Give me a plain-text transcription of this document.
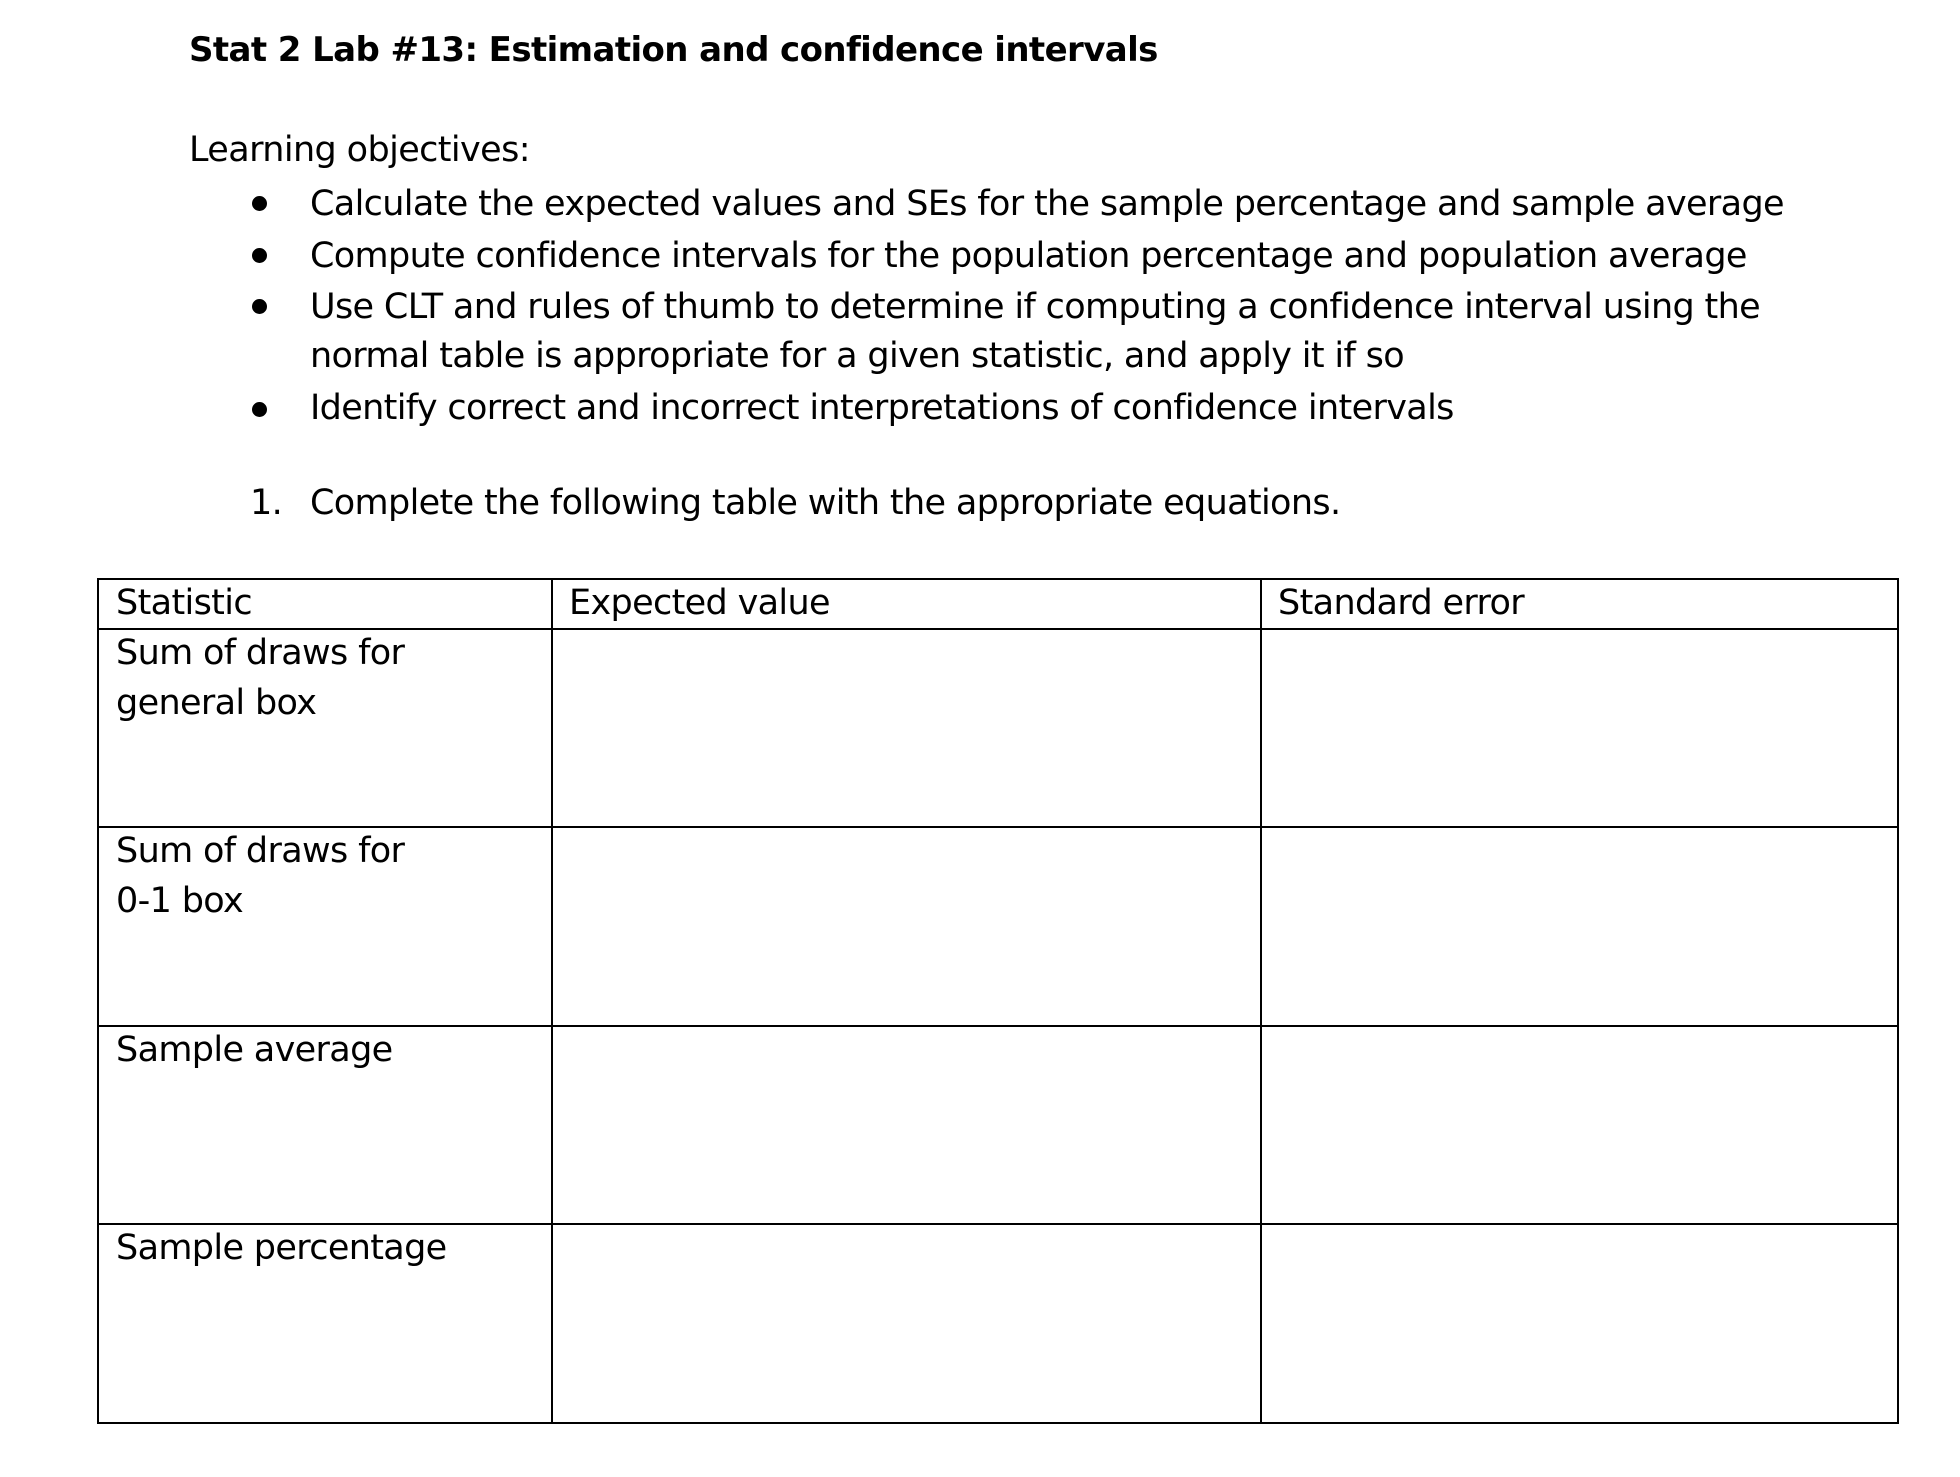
Stat 2 Lab #13: Estimation and confidence intervals
Learning objectives:
Calculate the expected values and SEs for the sample percentage and sample average
Compute confidence intervals for the population percentage and population average
Use CLT and rules of thumb to determine if computing a confidence interval using the
normal table is appropriate for a given statistic, and apply it if so
Identify correct and incorrect interpretations of confidence intervals
1. Complete the following table with the appropriate equations.
Statistic	Expected value	Standard error
Sum of draws for
general box
Sum of draws for
0-1 box
Sample average
Sample percentage
